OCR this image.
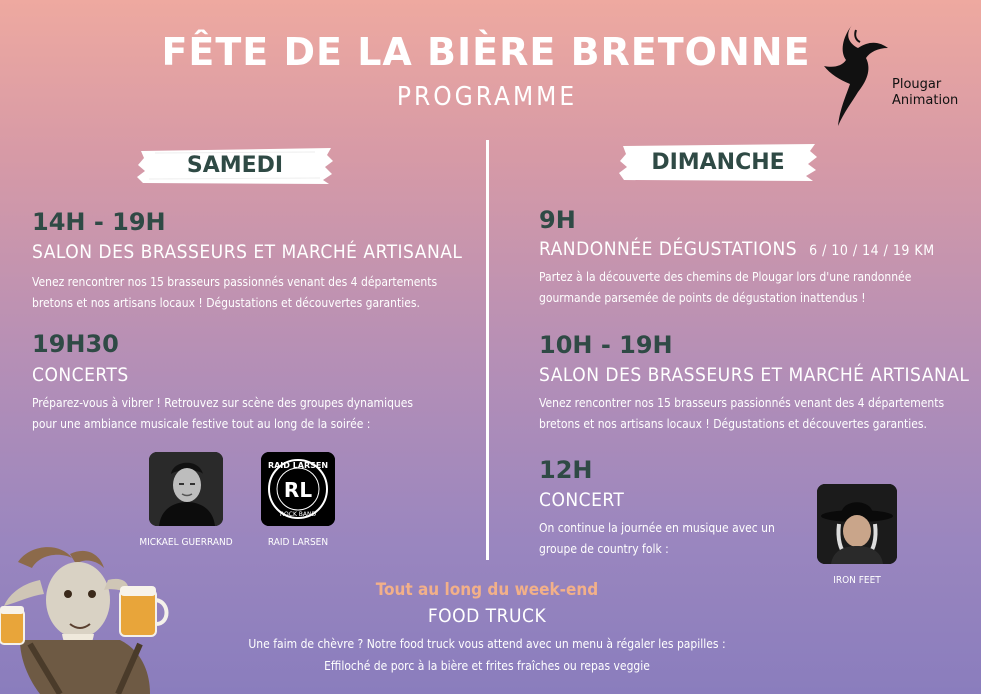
FÊTE DE LA BIÈRE BRETONNE
PROGRAMME	Plougar
Animation
SAMEDI	DIMANCHE
14H - 19H
SALON DES BRASSEURS ET MARCHÉ ARTISANAL
Venez rencontrer nos 15 brasseurs passionnés venant des 4 départements
bretons et nos artisans locaux ! Dégustations et découvertes garanties.
19H30
CONCERTS
Préparez-vous à vibrer ! Retrouvez sur scène des groupes dynamiques
pour une ambiance musicale festive tout au long de la soirée :
MICKAEL GUERRAND
RAID LARSEN
RL
ROCK BAND
RAID LARSEN
9H
RANDONNÉE DÉGUSTATIONS 6 / 10 / 14 / 19 KM
Partez à la découverte des chemins de Plougar lors d'une randonnée
gourmande parsemée de points de dégustation inattendus !
10H - 19H
SALON DES BRASSEURS ET MARCHÉ ARTISANAL
Venez rencontrer nos 15 brasseurs passionnés venant des 4 départements
bretons et nos artisans locaux ! Dégustations et découvertes garanties.
12H
CONCERT
On continue la journée en musique avec un
groupe de country folk :
IRON FEET
Tout au long du week-end
FOOD TRUCK
Une faim de chèvre ? Notre food truck vous attend avec un menu à régaler les papilles :
Effiloché de porc à la bière et frites fraîches ou repas veggie
